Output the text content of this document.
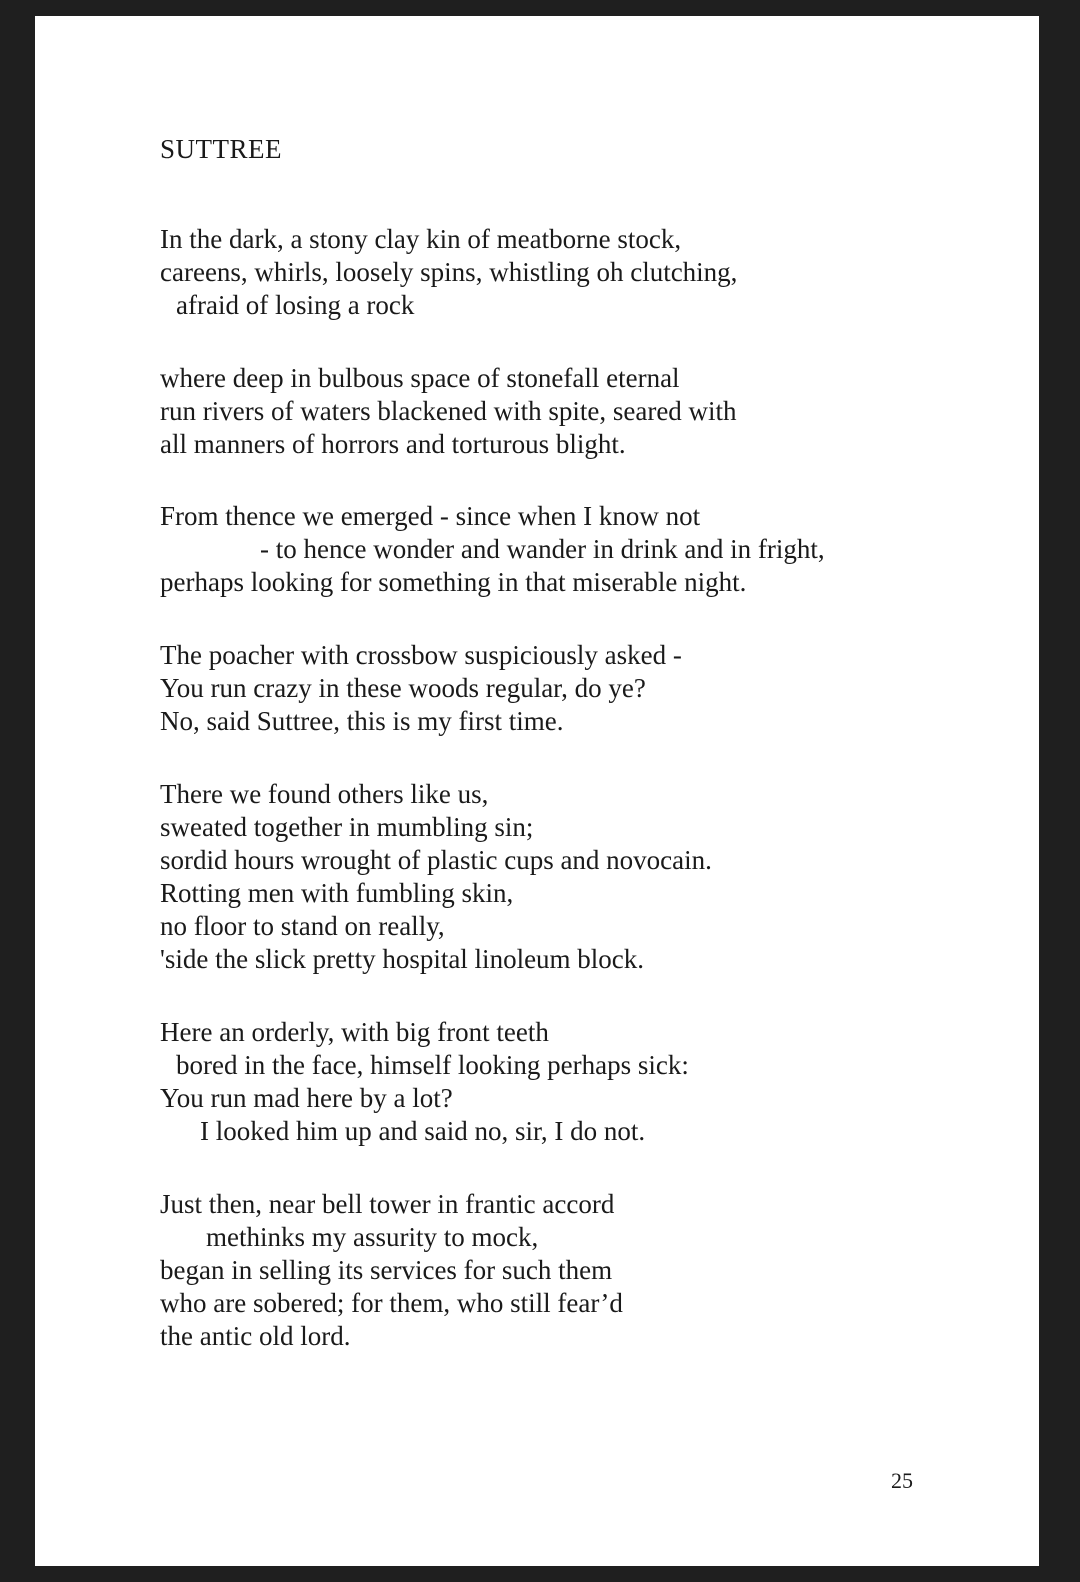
SUTTREE
In the dark, a stony clay kin of meatborne stock,
careens, whirls, loosely spins, whistling oh clutching,
afraid of losing a rock
where deep in bulbous space of stonefall eternal
run rivers of waters blackened with spite, seared with
all manners of horrors and torturous blight.
From thence we emerged - since when I know not
- to hence wonder and wander in drink and in fright,
perhaps looking for something in that miserable night.
The poacher with crossbow suspiciously asked -
You run crazy in these woods regular, do ye?
No, said Suttree, this is my first time.
There we found others like us,
sweated together in mumbling sin;
sordid hours wrought of plastic cups and novocain.
Rotting men with fumbling skin,
no floor to stand on really,
'side the slick pretty hospital linoleum block.
Here an orderly, with big front teeth
bored in the face, himself looking perhaps sick:
You run mad here by a lot?
I looked him up and said no, sir, I do not.
Just then, near bell tower in frantic accord
methinks my assurity to mock,
began in selling its services for such them
who are sobered; for them, who still fear’d
the antic old lord.
25
